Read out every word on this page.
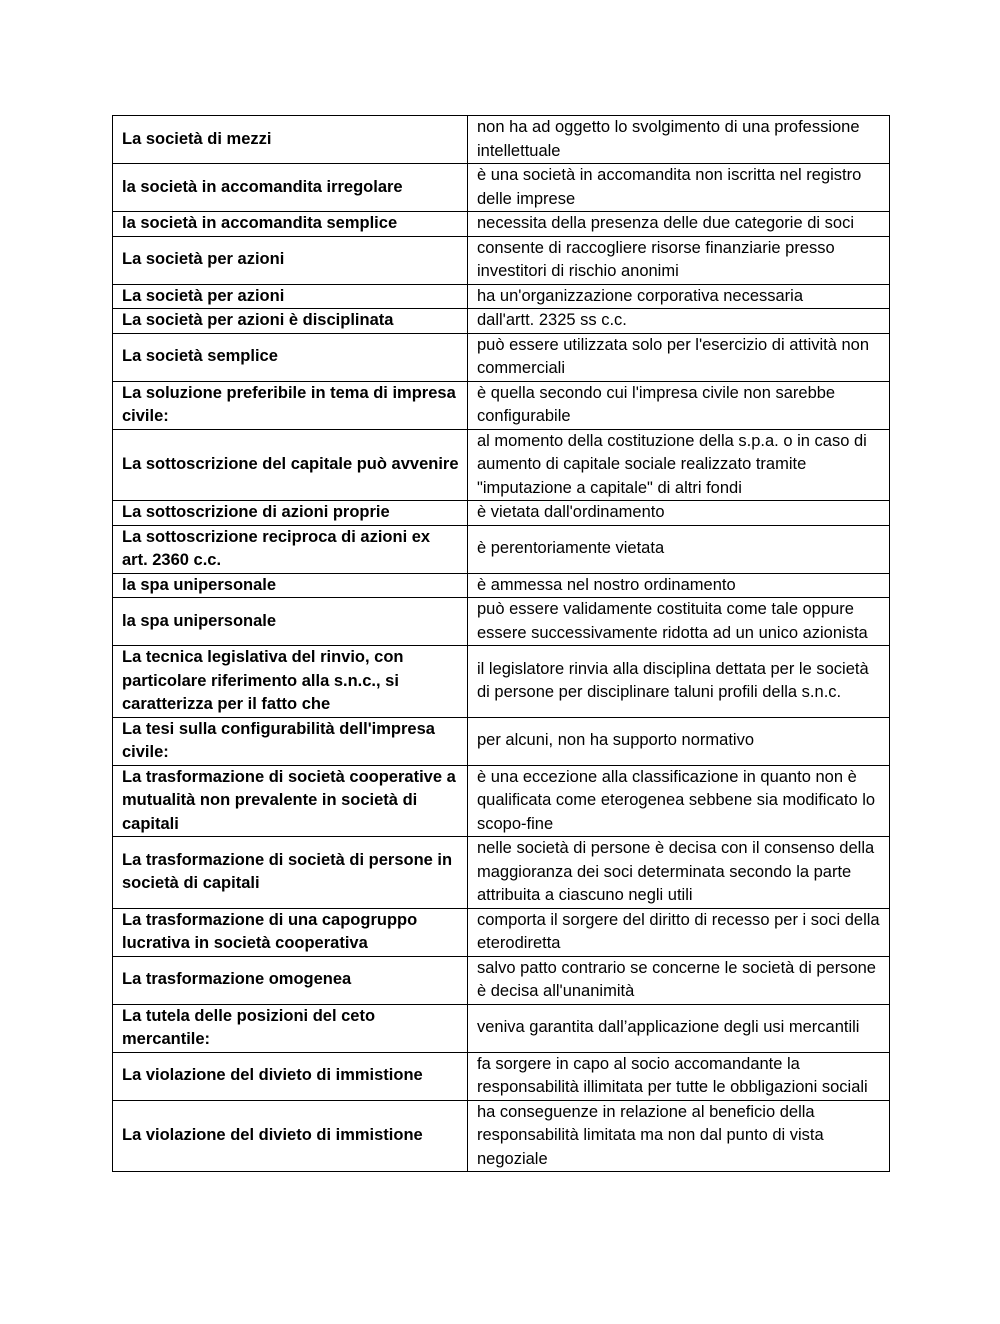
La società di mezzi	non ha ad oggetto lo svolgimento di una professione intellettuale
la società in accomandita irregolare	è una società in accomandita non iscritta nel registro delle imprese
la società in accomandita semplice	necessita della presenza delle due categorie di soci
La società per azioni	consente di raccogliere risorse finanziarie presso investitori di rischio anonimi
La società per azioni	ha un'organizzazione corporativa necessaria
La società per azioni è disciplinata	dall'artt. 2325 ss c.c.
La società semplice	può essere utilizzata solo per l'esercizio di attività non commerciali
La soluzione preferibile in tema di impresa civile:	è quella secondo cui l'impresa civile non sarebbe configurabile
La sottoscrizione del capitale può avvenire	al momento della costituzione della s.p.a. o in caso di aumento di capitale sociale realizzato tramite "imputazione a capitale" di altri fondi
La sottoscrizione di azioni proprie	è vietata dall'ordinamento
La sottoscrizione reciproca di azioni ex art. 2360 c.c.	è perentoriamente vietata
la spa unipersonale	è ammessa nel nostro ordinamento
la spa unipersonale	può essere validamente costituita come tale oppure essere successivamente ridotta ad un unico azionista
La tecnica legislativa del rinvio, con particolare riferimento alla s.n.c., si caratterizza per il fatto che	il legislatore rinvia alla disciplina dettata per le società di persone per disciplinare taluni profili della s.n.c.
La tesi sulla configurabilità dell'impresa civile:	per alcuni, non ha supporto normativo
La trasformazione di società cooperative a mutualità non prevalente in società di capitali	è una eccezione alla classificazione in quanto non è qualificata come eterogenea sebbene sia modificato lo scopo-fine
La trasformazione di società di persone in società di capitali	nelle società di persone è decisa con il consenso della maggioranza dei soci determinata secondo la parte attribuita a ciascuno negli utili
La trasformazione di una capogruppo lucrativa in società cooperativa	comporta il sorgere del diritto di recesso per i soci della eterodiretta
La trasformazione omogenea	salvo patto contrario se concerne le società di persone è decisa all'unanimità
La tutela delle posizioni del ceto mercantile:	veniva garantita dall’applicazione degli usi mercantili
La violazione del divieto di immistione	fa sorgere in capo al socio accomandante la responsabilità illimitata per tutte le obbligazioni sociali
La violazione del divieto di immistione	ha conseguenze in relazione al beneficio della responsabilità limitata ma non dal punto di vista negoziale
